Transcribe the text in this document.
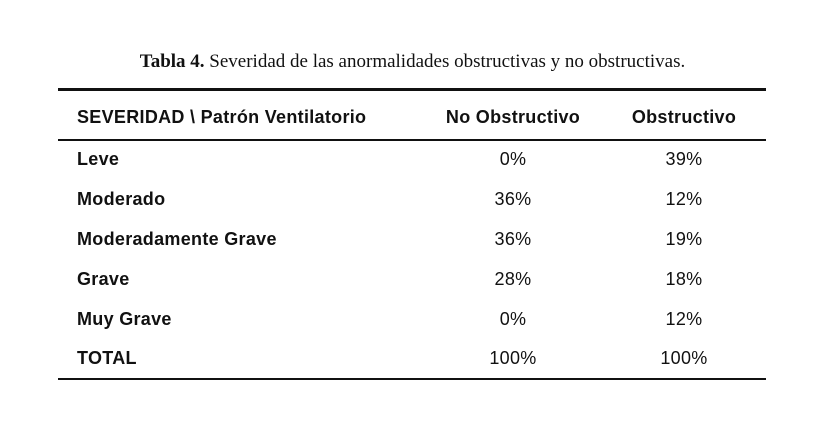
Tabla 4. Severidad de las anormalidades obstructivas y no obstructivas.
SEVERIDAD \ Patrón Ventilatorio	No Obstructivo	Obstructivo
Leve	0%	39%
Moderado	36%	12%
Moderadamente Grave	36%	19%
Grave	28%	18%
Muy Grave	0%	12%
TOTAL	100%	100%
